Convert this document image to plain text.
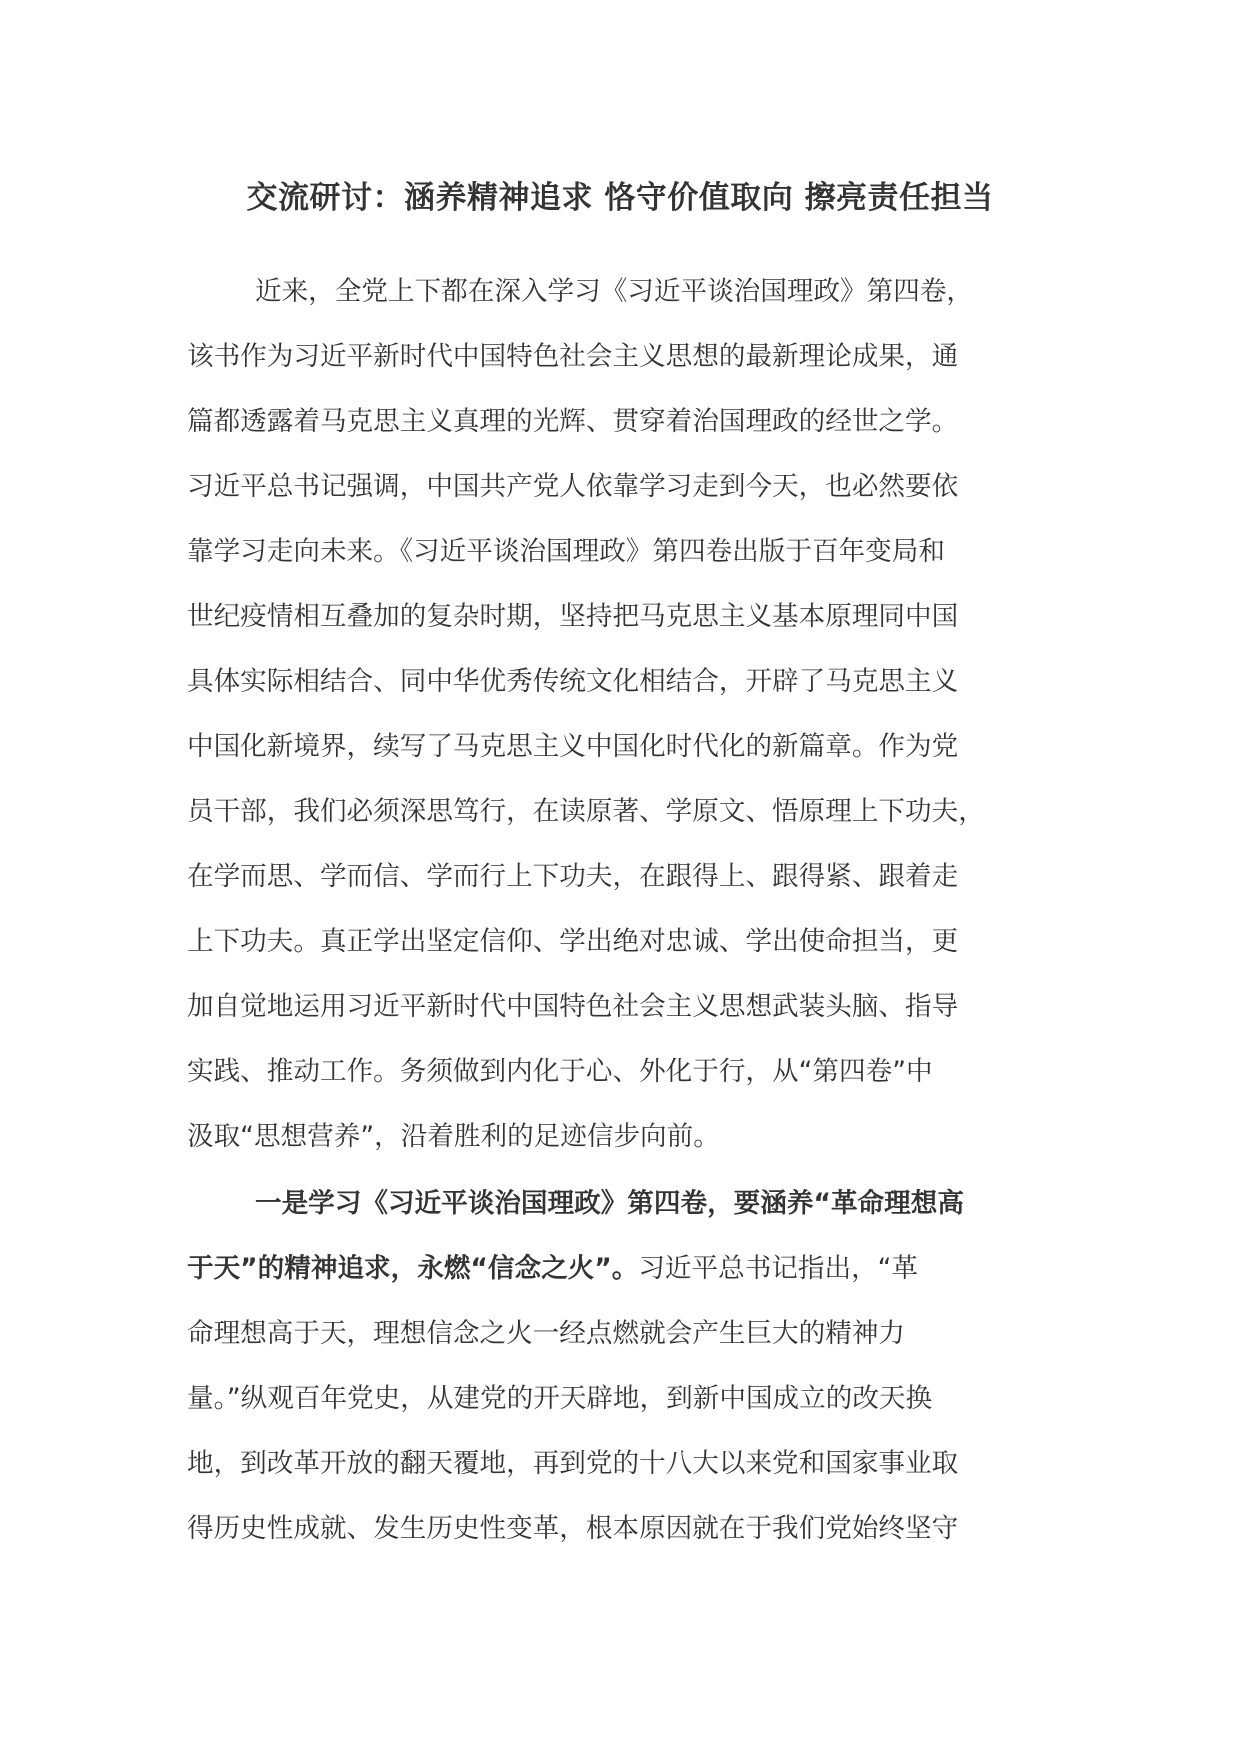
交流研讨：涵养精神追求 恪守价值取向 擦亮责任担当
近来，全党上下都在深入学习《习近平谈治国理政》第四卷，
该书作为习近平新时代中国特色社会主义思想的最新理论成果，通
篇都透露着马克思主义真理的光辉、贯穿着治国理政的经世之学。
习近平总书记强调，中国共产党人依靠学习走到今天，也必然要依
靠学习走向未来。《习近平谈治国理政》第四卷出版于百年变局和
世纪疫情相互叠加的复杂时期，坚持把马克思主义基本原理同中国
具体实际相结合、同中华优秀传统文化相结合，开辟了马克思主义
中国化新境界，续写了马克思主义中国化时代化的新篇章。作为党
员干部，我们必须深思笃行，在读原著、学原文、悟原理上下功夫，
在学而思、学而信、学而行上下功夫，在跟得上、跟得紧、跟着走
上下功夫。真正学出坚定信仰、学出绝对忠诚、学出使命担当，更
加自觉地运用习近平新时代中国特色社会主义思想武装头脑、指导
实践、推动工作。务须做到内化于心、外化于行，从“第四卷”中
汲取“思想营养”，沿着胜利的足迹信步向前。
一是学习《习近平谈治国理政》第四卷，要涵养“革命理想高
于天”的精神追求，永燃“信念之火”。习近平总书记指出，“革
命理想高于天，理想信念之火一经点燃就会产生巨大的精神力
量。”纵观百年党史，从建党的开天辟地，到新中国成立的改天换
地，到改革开放的翻天覆地，再到党的十八大以来党和国家事业取
得历史性成就、发生历史性变革，根本原因就在于我们党始终坚守
